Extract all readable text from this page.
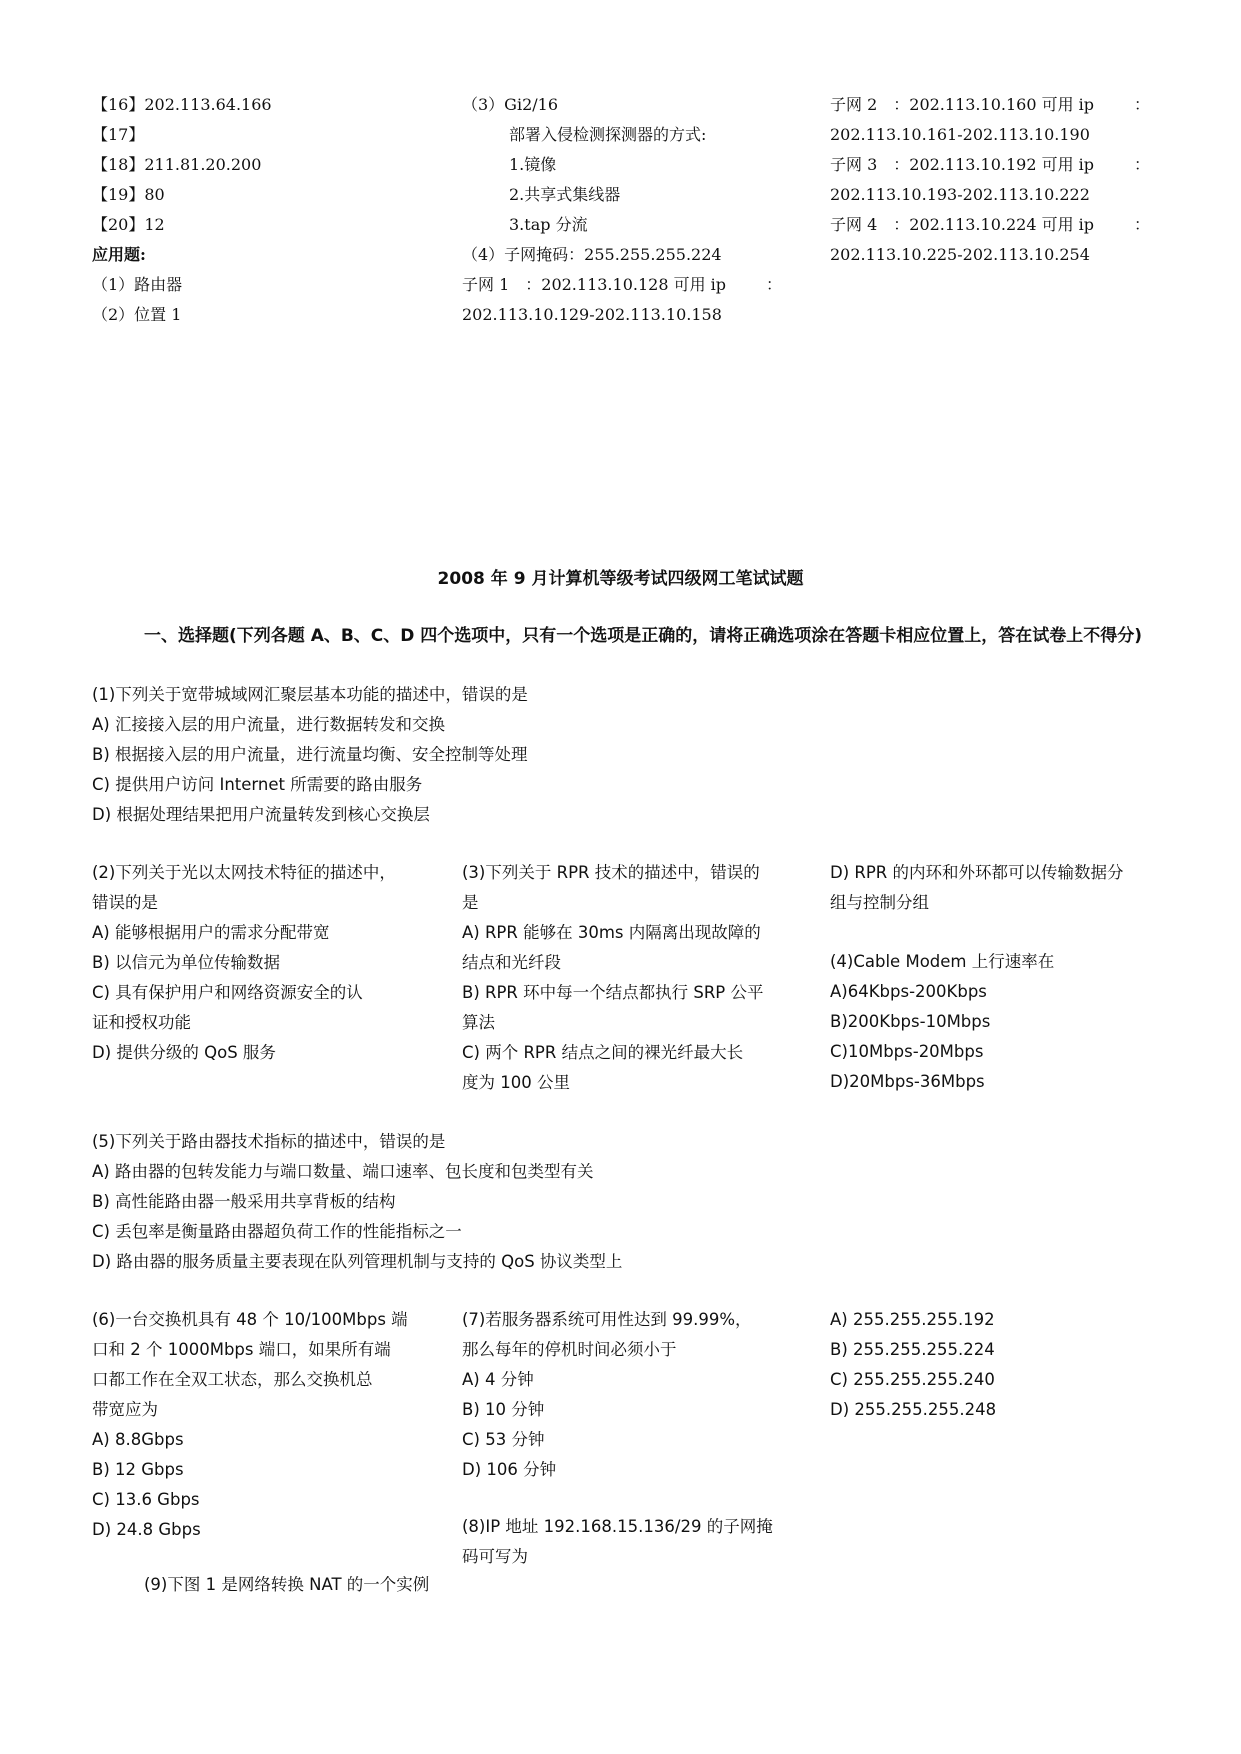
【16】202.113.64.166
【17】
【18】211.81.20.200
【19】80
【20】12
应用题:
（1）路由器
（2）位置 1
（3）Gi2/16
部署入侵检测探测器的方式:
1.镜像
2.共享式集线器
3.tap 分流
（4）子网掩码：255.255.255.224
子网 1　：202.113.10.128 可用 ip ：
202.113.10.129-202.113.10.158
子网 2　：202.113.10.160 可用 ip ：
202.113.10.161-202.113.10.190
子网 3　：202.113.10.192 可用 ip ：
202.113.10.193-202.113.10.222
子网 4　：202.113.10.224 可用 ip ：
202.113.10.225-202.113.10.254
2008 年 9 月计算机等级考试四级网工笔试试题
一、选择题(下列各题 A、B、C、D 四个选项中，只有一个选项是正确的，请将正确选项涂在答题卡相应位置上，答在试卷上不得分)
(1)下列关于宽带城域网汇聚层基本功能的描述中，错误的是
A) 汇接接入层的用户流量，进行数据转发和交换
B) 根据接入层的用户流量，进行流量均衡、安全控制等处理
C) 提供用户访问 Internet 所需要的路由服务
D) 根据处理结果把用户流量转发到核心交换层
(2)下列关于光以太网技术特征的描述中，
错误的是
A) 能够根据用户的需求分配带宽
B) 以信元为单位传输数据
C) 具有保护用户和网络资源安全的认
证和授权功能
D) 提供分级的 QoS 服务
(3)下列关于 RPR 技术的描述中，错误的
是
A) RPR 能够在 30ms 内隔离出现故障的
结点和光纤段
B) RPR 环中每一个结点都执行 SRP 公平
算法
C) 两个 RPR 结点之间的裸光纤最大长
度为 100 公里
D) RPR 的内环和外环都可以传输数据分
组与控制分组
(4)Cable Modem 上行速率在
A)64Kbps-200Kbps
B)200Kbps-10Mbps
C)10Mbps-20Mbps
D)20Mbps-36Mbps
(5)下列关于路由器技术指标的描述中，错误的是
A) 路由器的包转发能力与端口数量、端口速率、包长度和包类型有关
B) 高性能路由器一般采用共享背板的结构
C) 丢包率是衡量路由器超负荷工作的性能指标之一
D) 路由器的服务质量主要表现在队列管理机制与支持的 QoS 协议类型上
(6)一台交换机具有 48 个 10/100Mbps 端
口和 2 个 1000Mbps 端口，如果所有端
口都工作在全双工状态，那么交换机总
带宽应为
A) 8.8Gbps
B) 12 Gbps
C) 13.6 Gbps
D) 24.8 Gbps
(7)若服务器系统可用性达到 99.99%，
那么每年的停机时间必须小于
A) 4 分钟
B) 10 分钟
C) 53 分钟
D) 106 分钟
(8)IP 地址 192.168.15.136/29 的子网掩
码可写为
A) 255.255.255.192
B) 255.255.255.224
C) 255.255.255.240
D) 255.255.255.248
(9)下图 1 是网络转换 NAT 的一个实例
